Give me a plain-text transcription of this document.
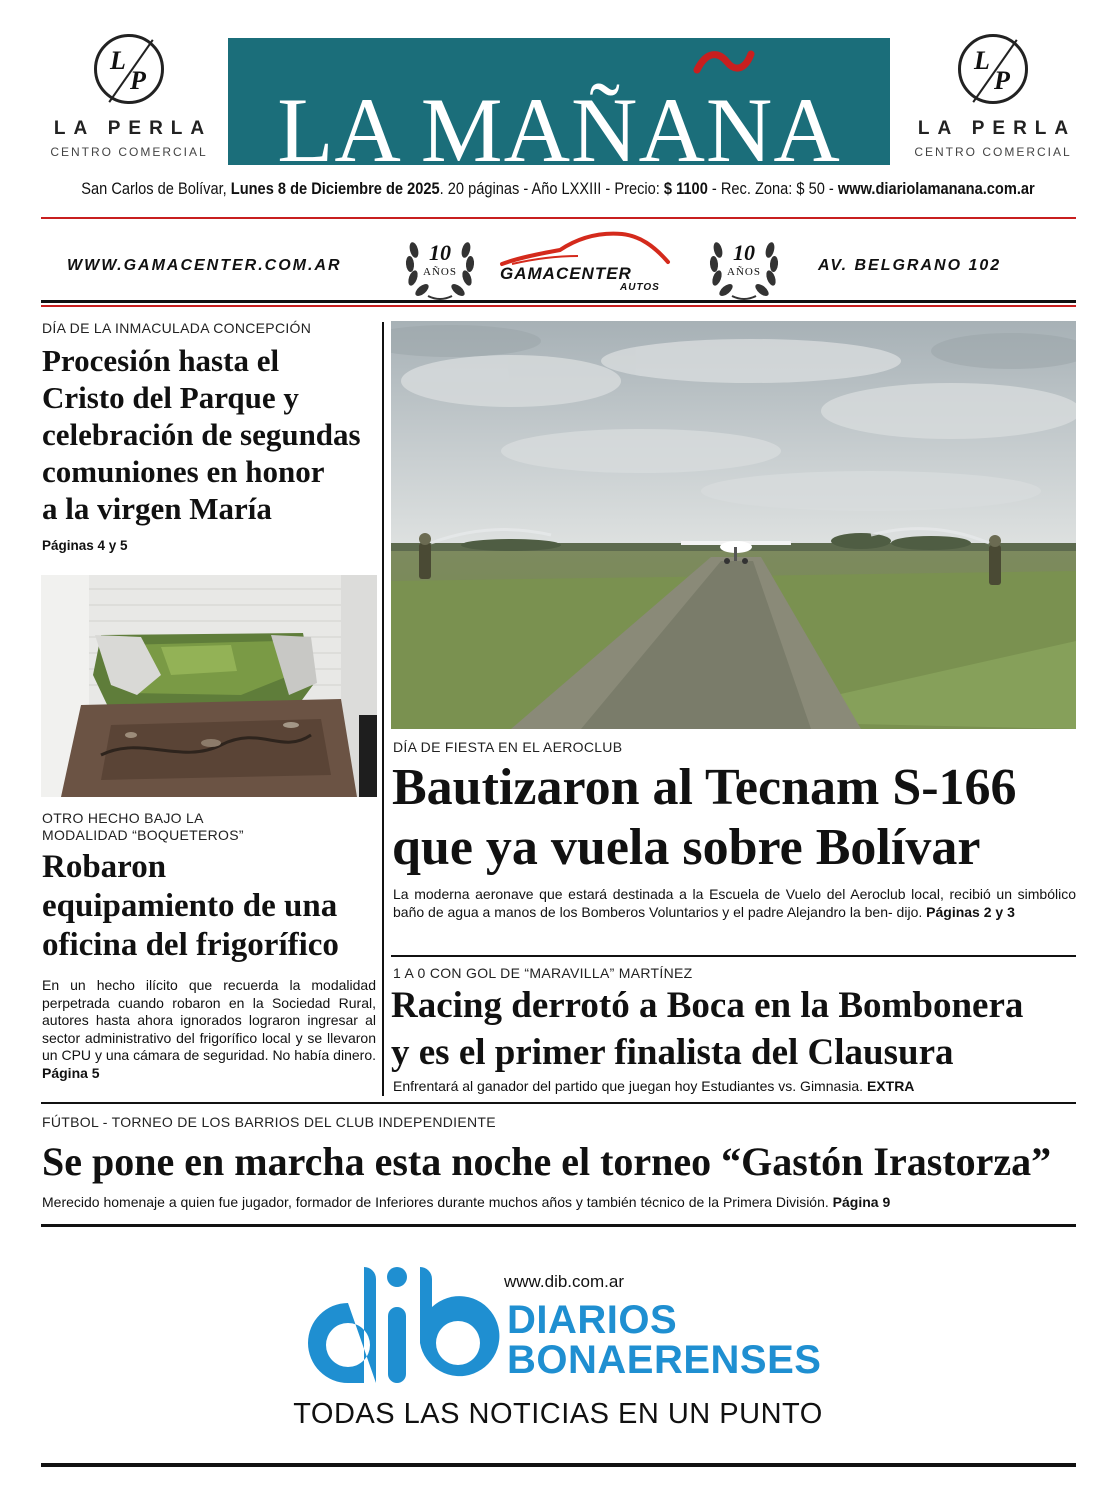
L
P
LA PERLA
CENTRO COMERCIAL LA MAÑANA
L
P
LA PERLA
CENTRO COMERCIAL
San Carlos de Bolívar, Lunes 8 de Diciembre de 2025. 20 páginas - Año LXXIII - Precio: $ 1100 - Rec. Zona: $ 50 - www.diariolamanana.com.ar
WWW.GAMACENTER.COM.AR
10
AÑOS	GAMACENTER
AUTOS
10
AÑOS	AV. BELGRANO 102
DÍA DE LA INMACULADA CONCEPCIÓN
Procesión hasta el
Cristo del Parque y
celebración de segundas
comuniones en honor
a la virgen María
Páginas 4 y 5
OTRO HECHO BAJO LA
MODALIDAD “BOQUETEROS”
Robaron
equipamiento de una
oficina del frigorífico
En un hecho ilícito que recuerda la modalidad perpetrada cuando robaron en la Sociedad Rural, autores hasta ahora ignorados lograron ingresar al sector administrativo del frigorífico local y se llevaron un CPU y una cámara de seguridad. No había dinero. Página 5
DÍA DE FIESTA EN EL AEROCLUB
Bautizaron al Tecnam S-166
que ya vuela sobre Bolívar
La moderna aeronave que estará destinada a la Escuela de Vuelo del Aeroclub local, recibió un simbólico baño de agua a manos de los Bomberos Voluntarios y el padre Alejandro la ben- dijo. Páginas 2 y 3
1 A 0 CON GOL DE “MARAVILLA” MARTÍNEZ
Racing derrotó a Boca en la Bombonera
y es el primer finalista del Clausura
Enfrentará al ganador del partido que juegan hoy Estudiantes vs. Gimnasia. EXTRA
FÚTBOL - TORNEO DE LOS BARRIOS DEL CLUB INDEPENDIENTE
Se pone en marcha esta noche el torneo “Gastón Irastorza”
Merecido homenaje a quien fue jugador, formador de Inferiores durante muchos años y también técnico de la Primera División. Página 9
www.dib.com.ar
DIARIOS
BONAERENSES
TODAS LAS NOTICIAS EN UN PUNTO
